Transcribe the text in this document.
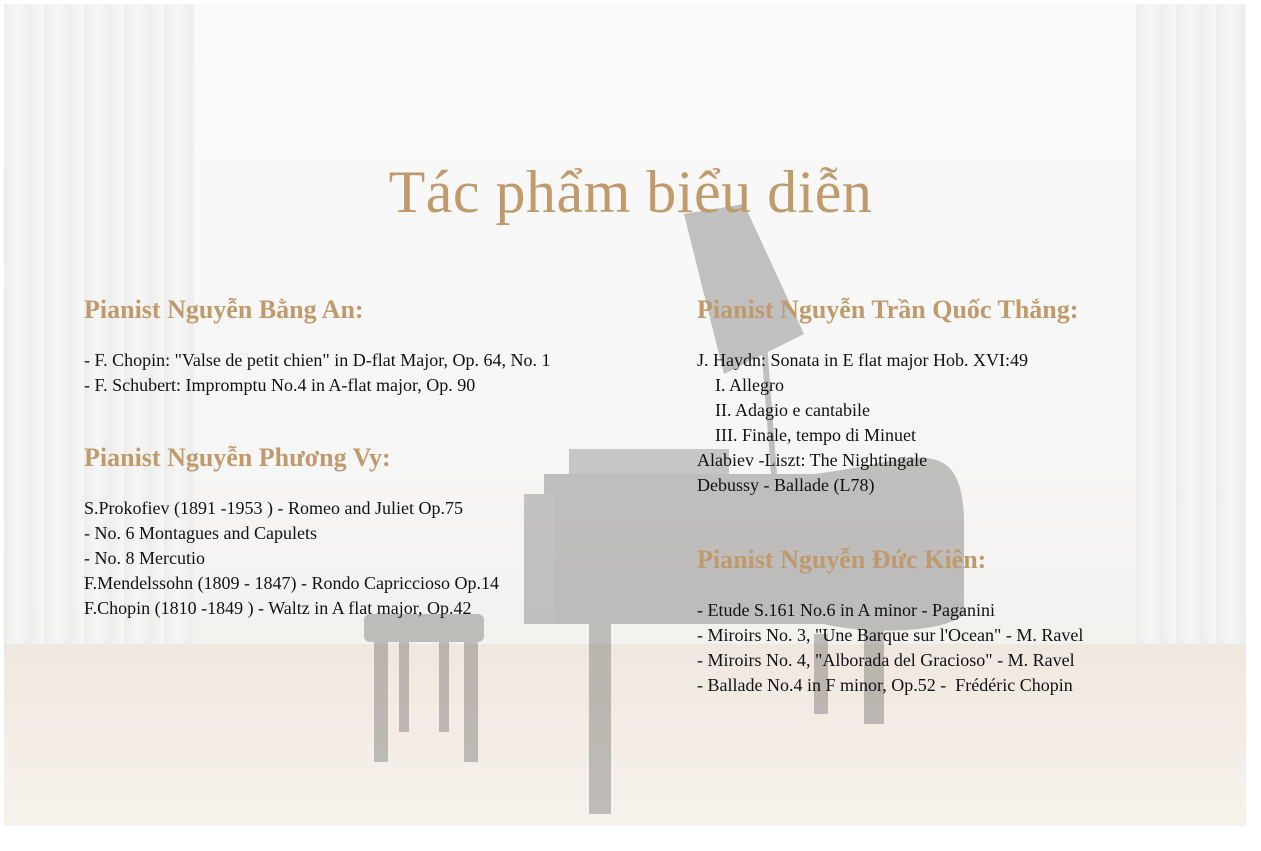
Tác phẩm biểu diễn
Pianist Nguyễn Bằng An:
- F. Chopin: "Valse de petit chien" in D-flat Major, Op. 64, No. 1
- F. Schubert: Impromptu No.4 in A-flat major, Op. 90
Pianist Nguyễn Phương Vy:
S.Prokofiev (1891 -1953 ) - Romeo and Juliet Op.75
- No. 6 Montagues and Capulets
- No. 8 Mercutio
F.Mendelssohn (1809 - 1847) - Rondo Capriccioso Op.14
F.Chopin (1810 -1849 ) - Waltz in A flat major, Op.42
Pianist Nguyễn Trần Quốc Thắng:
J. Haydn: Sonata in E flat major Hob. XVI:49
I. Allegro
II. Adagio e cantabile
III. Finale, tempo di Minuet
Alabiev -Liszt: The Nightingale
Debussy - Ballade (L78)
Pianist Nguyễn Đức Kiên:
- Etude S.161 No.6 in A minor - Paganini
- Miroirs No. 3, "Une Barque sur l'Ocean" - M. Ravel
- Miroirs No. 4, "Alborada del Gracioso" - M. Ravel
- Ballade No.4 in F minor, Op.52 -  Frédéric Chopin
